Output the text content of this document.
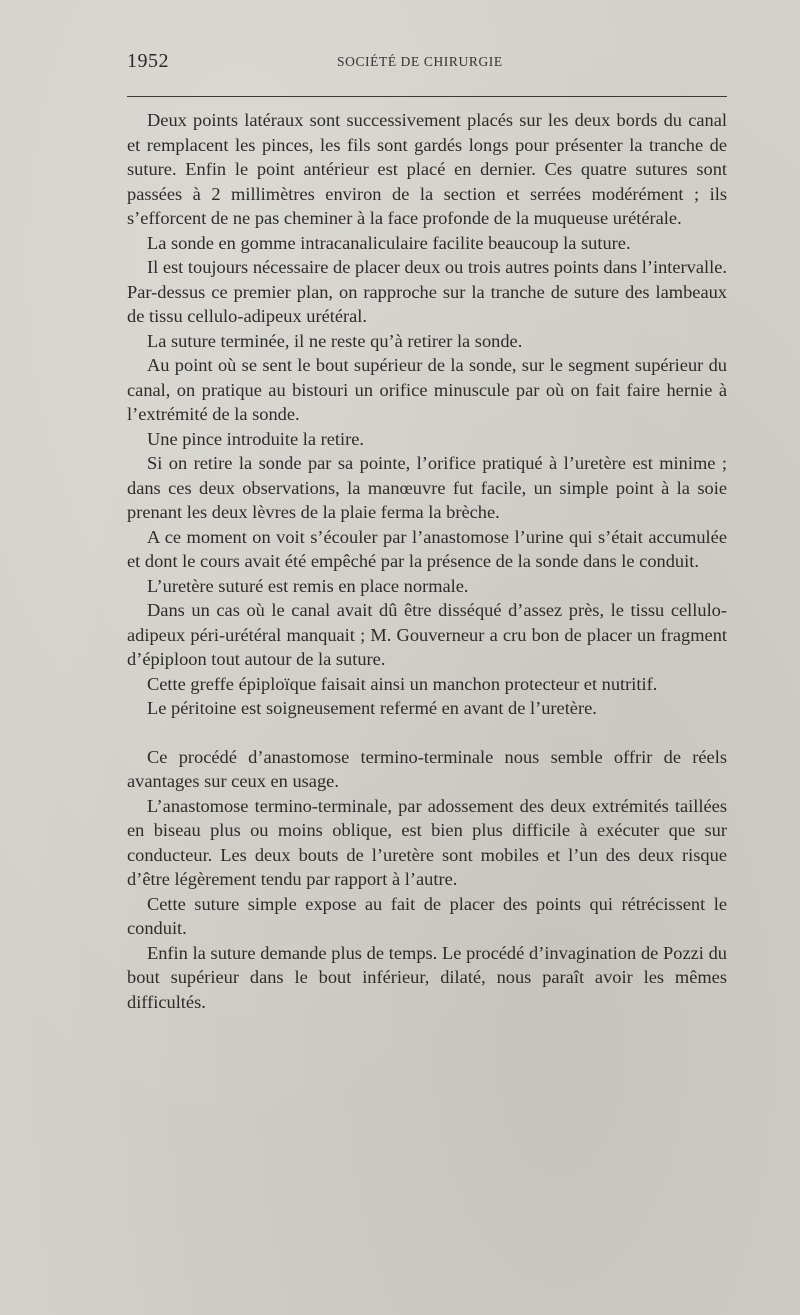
1952	SOCIÉTÉ DE CHIRURGIE

Deux points latéraux sont successivement placés sur les deux bords du canal et remplacent les pinces, les fils sont gardés longs pour présenter la tranche de suture. Enfin le point antérieur est placé en dernier. Ces quatre sutures sont passées à 2 millimètres environ de la section et serrées modérément ; ils s’efforcent de ne pas cheminer à la face profonde de la muqueuse urétérale.

La sonde en gomme intracanaliculaire facilite beaucoup la suture.

Il est toujours nécessaire de placer deux ou trois autres points dans l’intervalle. Par-dessus ce premier plan, on rapproche sur la tranche de suture des lambeaux de tissu cellulo-adipeux urétéral.

La suture terminée, il ne reste qu’à retirer la sonde.

Au point où se sent le bout supérieur de la sonde, sur le segment supérieur du canal, on pratique au bistouri un orifice minuscule par où on fait faire hernie à l’extrémité de la sonde.

Une pince introduite la retire.

Si on retire la sonde par sa pointe, l’orifice pratiqué à l’uretère est minime ; dans ces deux observations, la manœuvre fut facile, un simple point à la soie prenant les deux lèvres de la plaie ferma la brèche.

A ce moment on voit s’écouler par l’anastomose l’urine qui s’était accumulée et dont le cours avait été empêché par la présence de la sonde dans le conduit.

L’uretère suturé est remis en place normale.

Dans un cas où le canal avait dû être disséqué d’assez près, le tissu cellulo-adipeux péri-urétéral manquait ; M. Gouverneur a cru bon de placer un fragment d’épiploon tout autour de la suture.

Cette greffe épiploïque faisait ainsi un manchon protecteur et nutritif.

Le péritoine est soigneusement refermé en avant de l’uretère.

Ce procédé d’anastomose termino-terminale nous semble offrir de réels avantages sur ceux en usage.

L’anastomose termino-terminale, par adossement des deux extrémités taillées en biseau plus ou moins oblique, est bien plus difficile à exécuter que sur conducteur. Les deux bouts de l’uretère sont mobiles et l’un des deux risque d’être légèrement tendu par rapport à l’autre.

Cette suture simple expose au fait de placer des points qui rétrécissent le conduit.

Enfin la suture demande plus de temps. Le procédé d’invagination de Pozzi du bout supérieur dans le bout inférieur, dilaté, nous paraît avoir les mêmes difficultés.
